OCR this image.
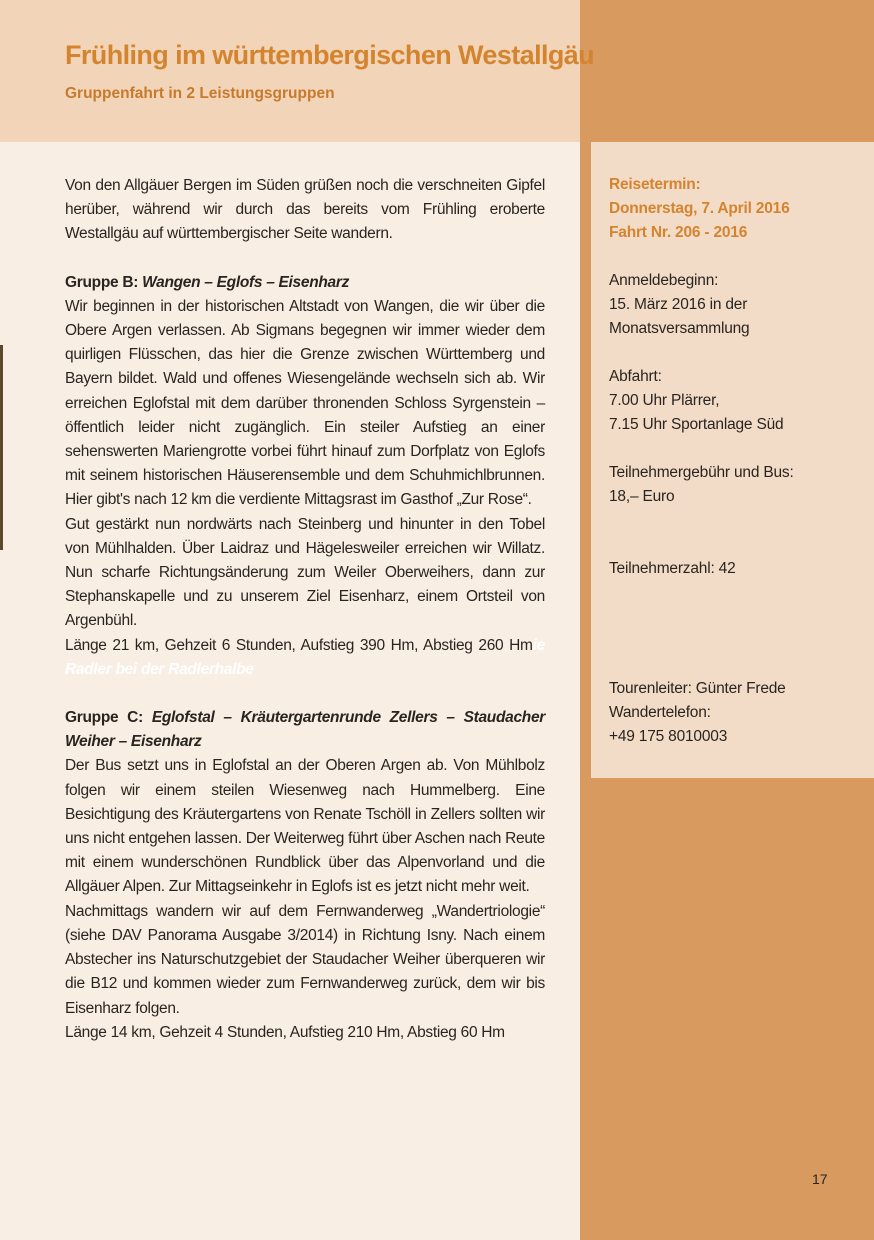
Frühling im württembergischen Westallgäu

Gruppenfahrt in 2 Leistungsgruppen

Von den Allgäuer Bergen im Süden grüßen noch die verschneiten Gipfel herüber, während wir durch das bereits vom Frühling eroberte Westallgäu auf württembergischer Seite wandern.

Gruppe B: Wangen – Eglofs – Eisenharz

Wir beginnen in der historischen Altstadt von Wangen, die wir über die Obere Argen verlassen. Ab Sigmans begegnen wir immer wieder dem quirligen Flüsschen, das hier die Grenze zwischen Württemberg und Bayern bildet. Wald und offenes Wiesengelände wechseln sich ab. Wir erreichen Eglofstal mit dem darüber thronenden Schloss Syrgenstein – öffentlich leider nicht zugänglich. Ein steiler Aufstieg an einer sehenswerten Mariengrotte vorbei führt hinauf zum Dorfplatz von Eglofs mit seinem historischen Häuserensemble und dem Schuhmichlbrunnen. Hier gibt's nach 12 km die verdiente Mittagsrast im Gasthof „Zur Rose“.

Gut gestärkt nun nordwärts nach Steinberg und hinunter in den Tobel von Mühlhalden. Über Laidraz und Hägelesweiler erreichen wir Willatz. Nun scharfe Richtungsänderung zum Weiler Oberweihers, dann zur Stephanskapelle und zu unserem Ziel Eisenharz, einem Ortsteil von Argenbühl.

Länge 21 km, Gehzeit 6 Stunden, Aufstieg 390 Hm, Abstieg 260 Hmie Radler bei der Radlerhalbe

Gruppe C: Eglofstal – Kräutergartenrunde Zellers – Staudacher Weiher – Eisenharz

Der Bus setzt uns in Eglofstal an der Oberen Argen ab. Von Mühlbolz folgen wir einem steilen Wiesenweg nach Hummelberg. Eine Besichtigung des Kräutergartens von Renate Tschöll in Zellers sollten wir uns nicht entgehen lassen. Der Weiterweg führt über Aschen nach Reute mit einem wunderschönen Rundblick über das Alpenvorland und die Allgäuer Alpen. Zur Mittagseinkehr in Eglofs ist es jetzt nicht mehr weit.

Nachmittags wandern wir auf dem Fernwanderweg „Wandertriologie“ (siehe DAV Panorama Ausgabe 3/2014) in Richtung Isny. Nach einem Abstecher ins Naturschutzgebiet der Staudacher Weiher überqueren wir die B12 und kommen wieder zum Fernwanderweg zurück, dem wir bis Eisenharz folgen.

Länge 14 km, Gehzeit 4 Stunden, Aufstieg 210 Hm, Abstieg 60 Hm

Reisetermin:

Donnerstag, 7. April 2016

Fahrt Nr. 206 - 2016

Anmeldebeginn:

15. März 2016 in der

Monatsversammlung

Abfahrt:

7.00 Uhr Plärrer,

7.15 Uhr Sportanlage Süd

Teilnehmergebühr und Bus:

18,– Euro

Teilnehmerzahl: 42

Tourenleiter: Günter Frede

Wandertelefon:

+49 175 8010003

17
